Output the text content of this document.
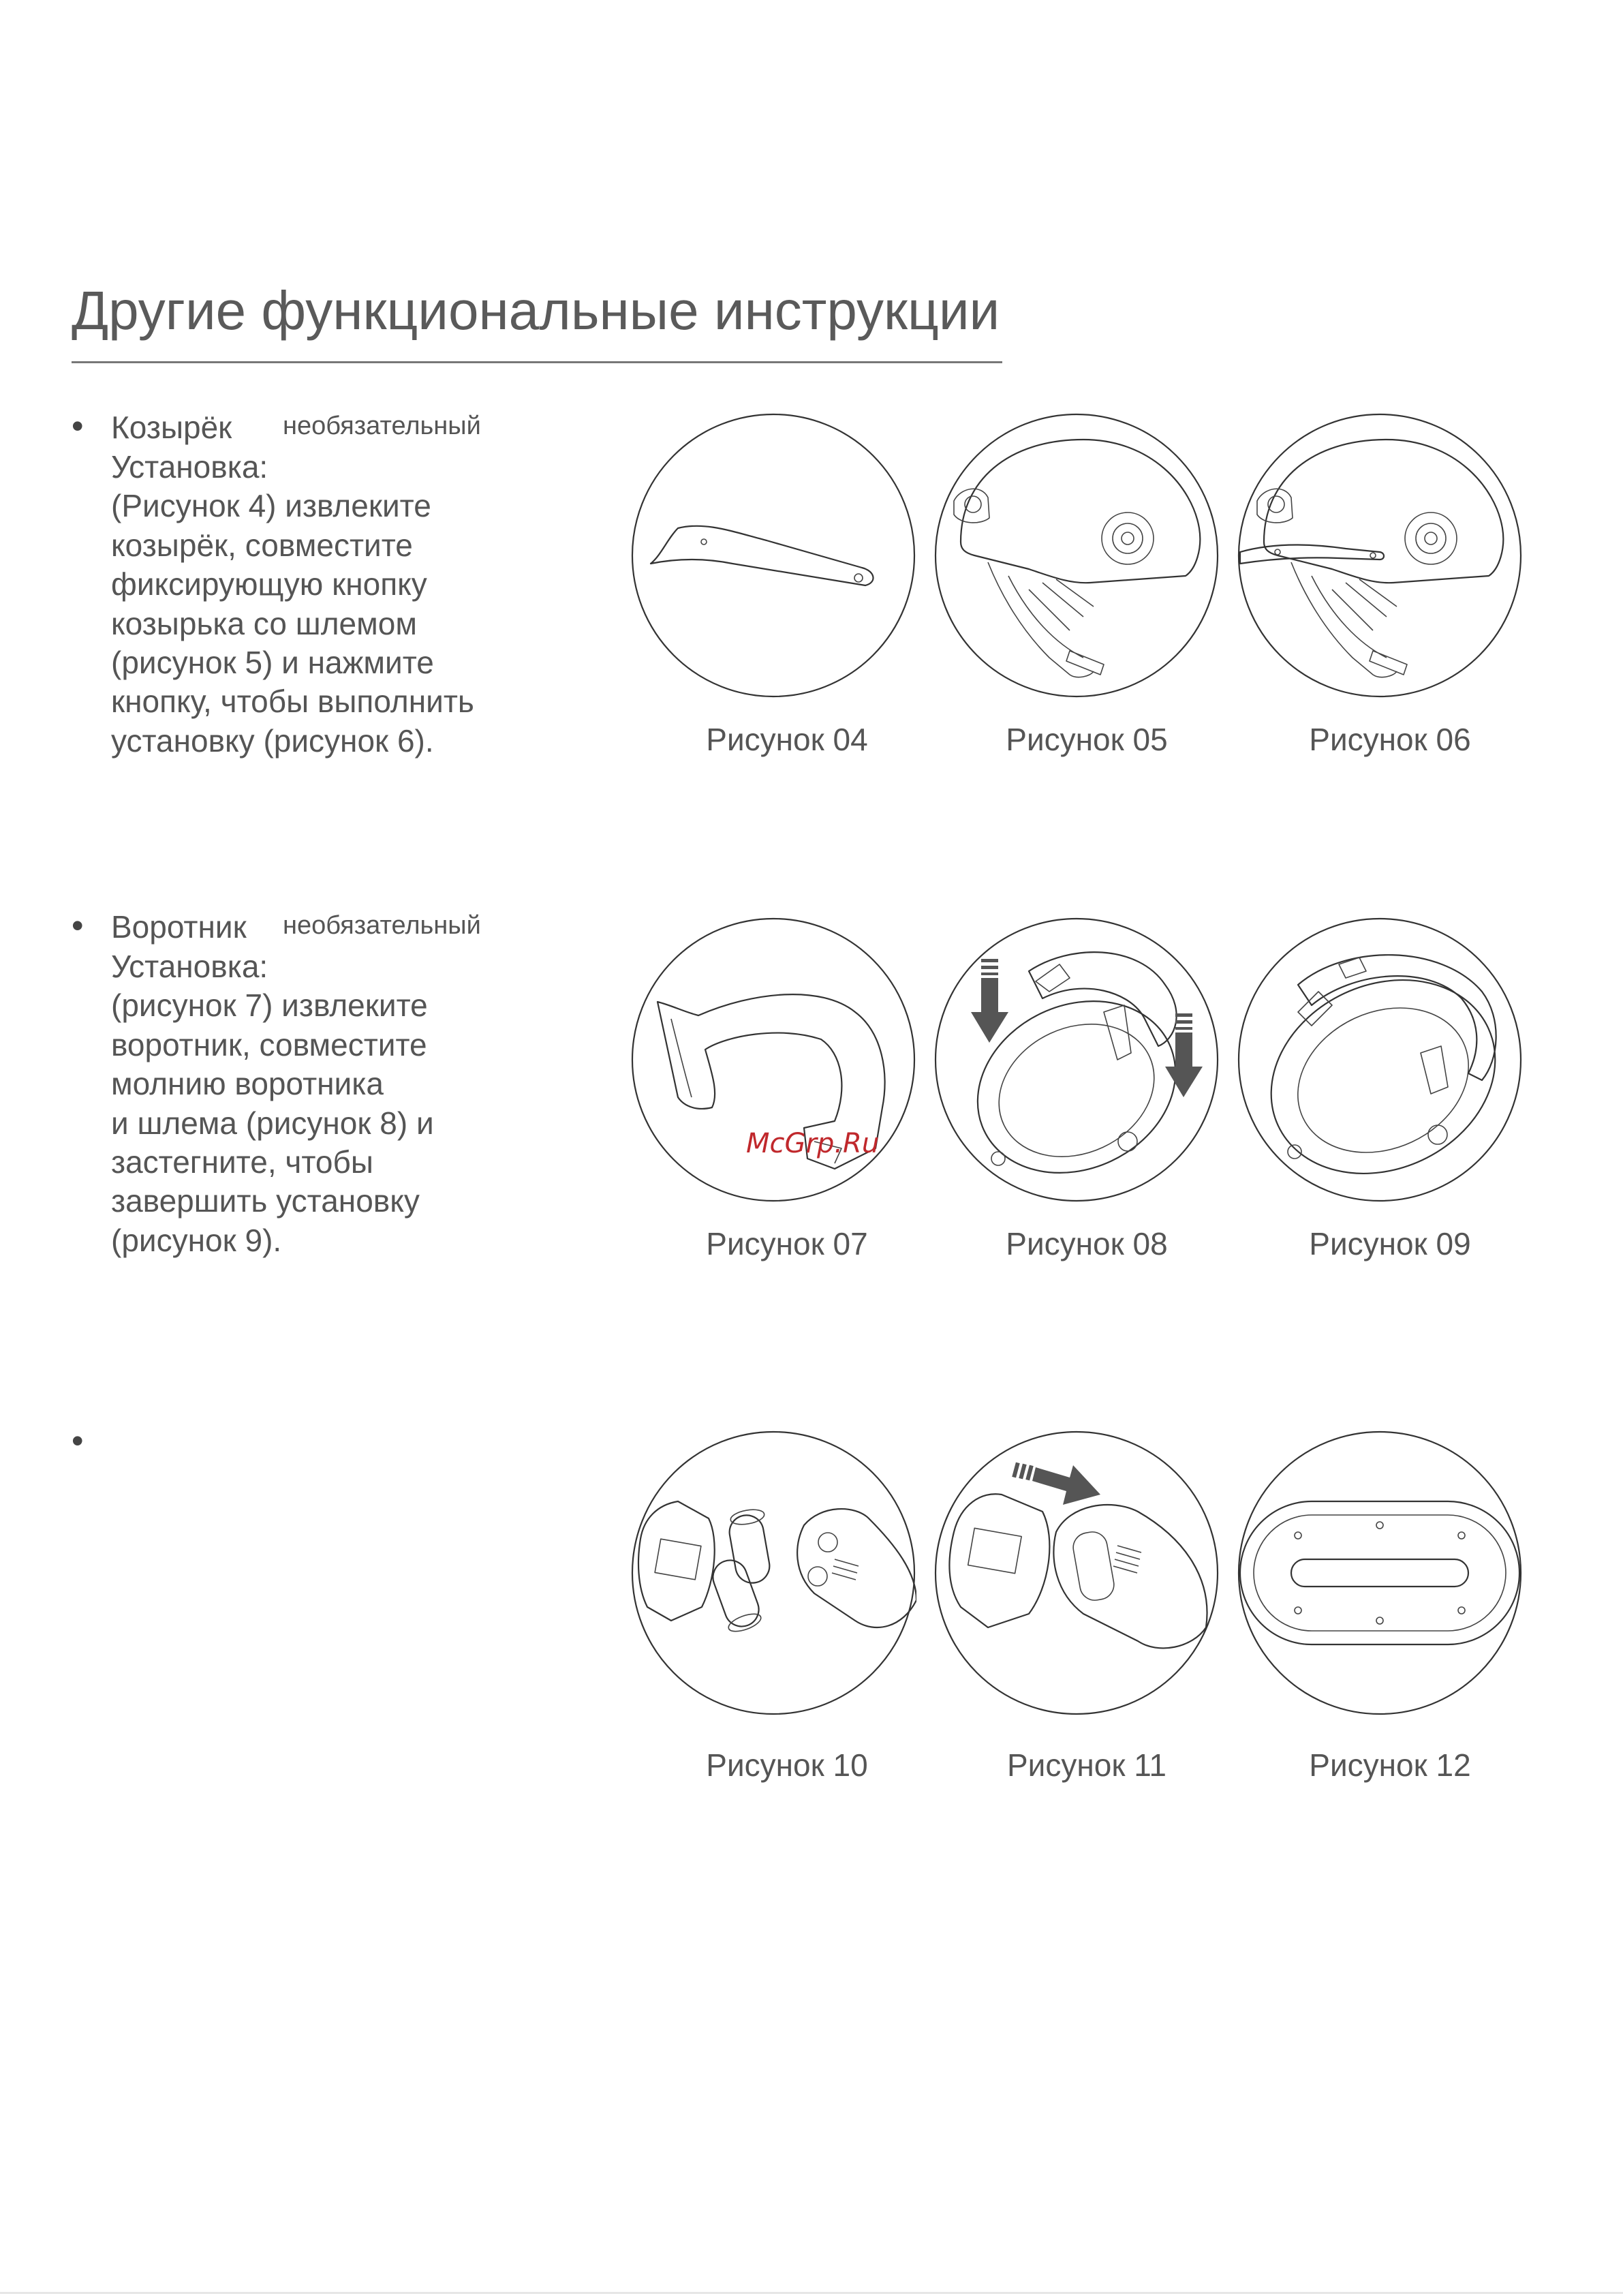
Другие функциональные инструкции
• Козырёк необязательный
Установка:
(Рисунок 4) извлеките
козырёк, совместите
фиксирующую кнопку
козырька со шлемом
(рисунок 5) и нажмите
кнопку, чтобы выполнить
установку (рисунок 6).
• Воротник необязательный
Установка:
(рисунок 7) извлеките
воротник, совместите
молнию воротника
и шлема (рисунок 8) и
застегните, чтобы
завершить установку
(рисунок 9).
•
Рисунок 04	Рисунок 05	Рисунок 06
Рисунок 07	Рисунок 08	Рисунок 09
Рисунок 10	Рисунок 11	Рисунок 12
McGrp.Ru
